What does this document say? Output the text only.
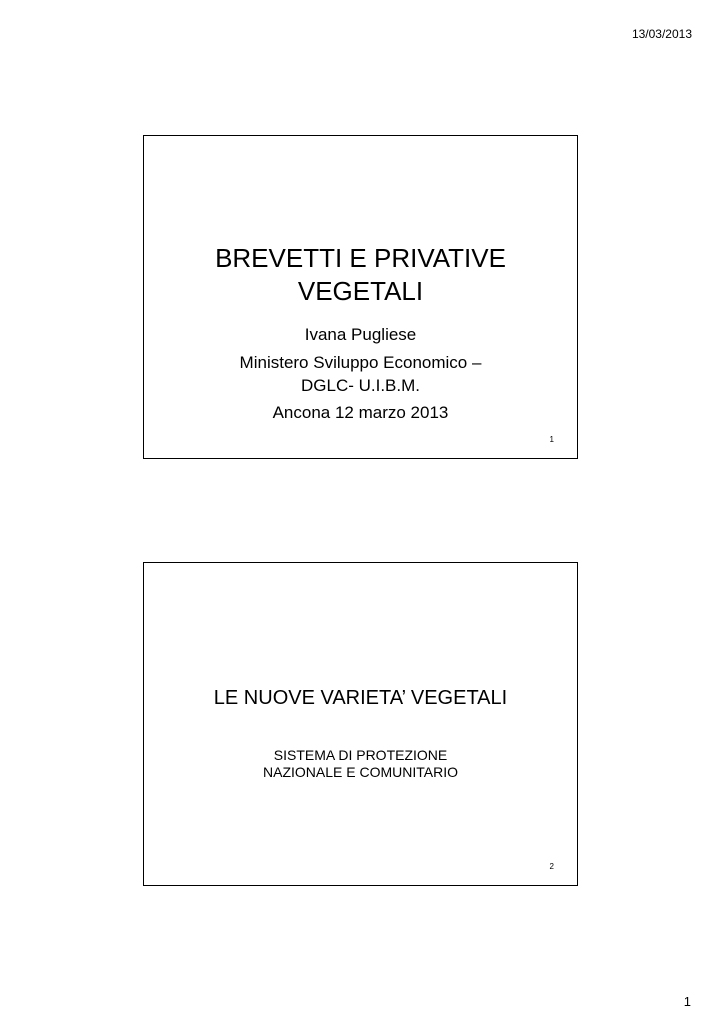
13/03/2013
BREVETTI E PRIVATIVE
VEGETALI
Ivana Pugliese
Ministero Sviluppo Economico –
DGLC- U.I.B.M.
Ancona 12 marzo 2013
1
LE NUOVE VARIETA’ VEGETALI
SISTEMA DI PROTEZIONE
NAZIONALE E COMUNITARIO
2
1
